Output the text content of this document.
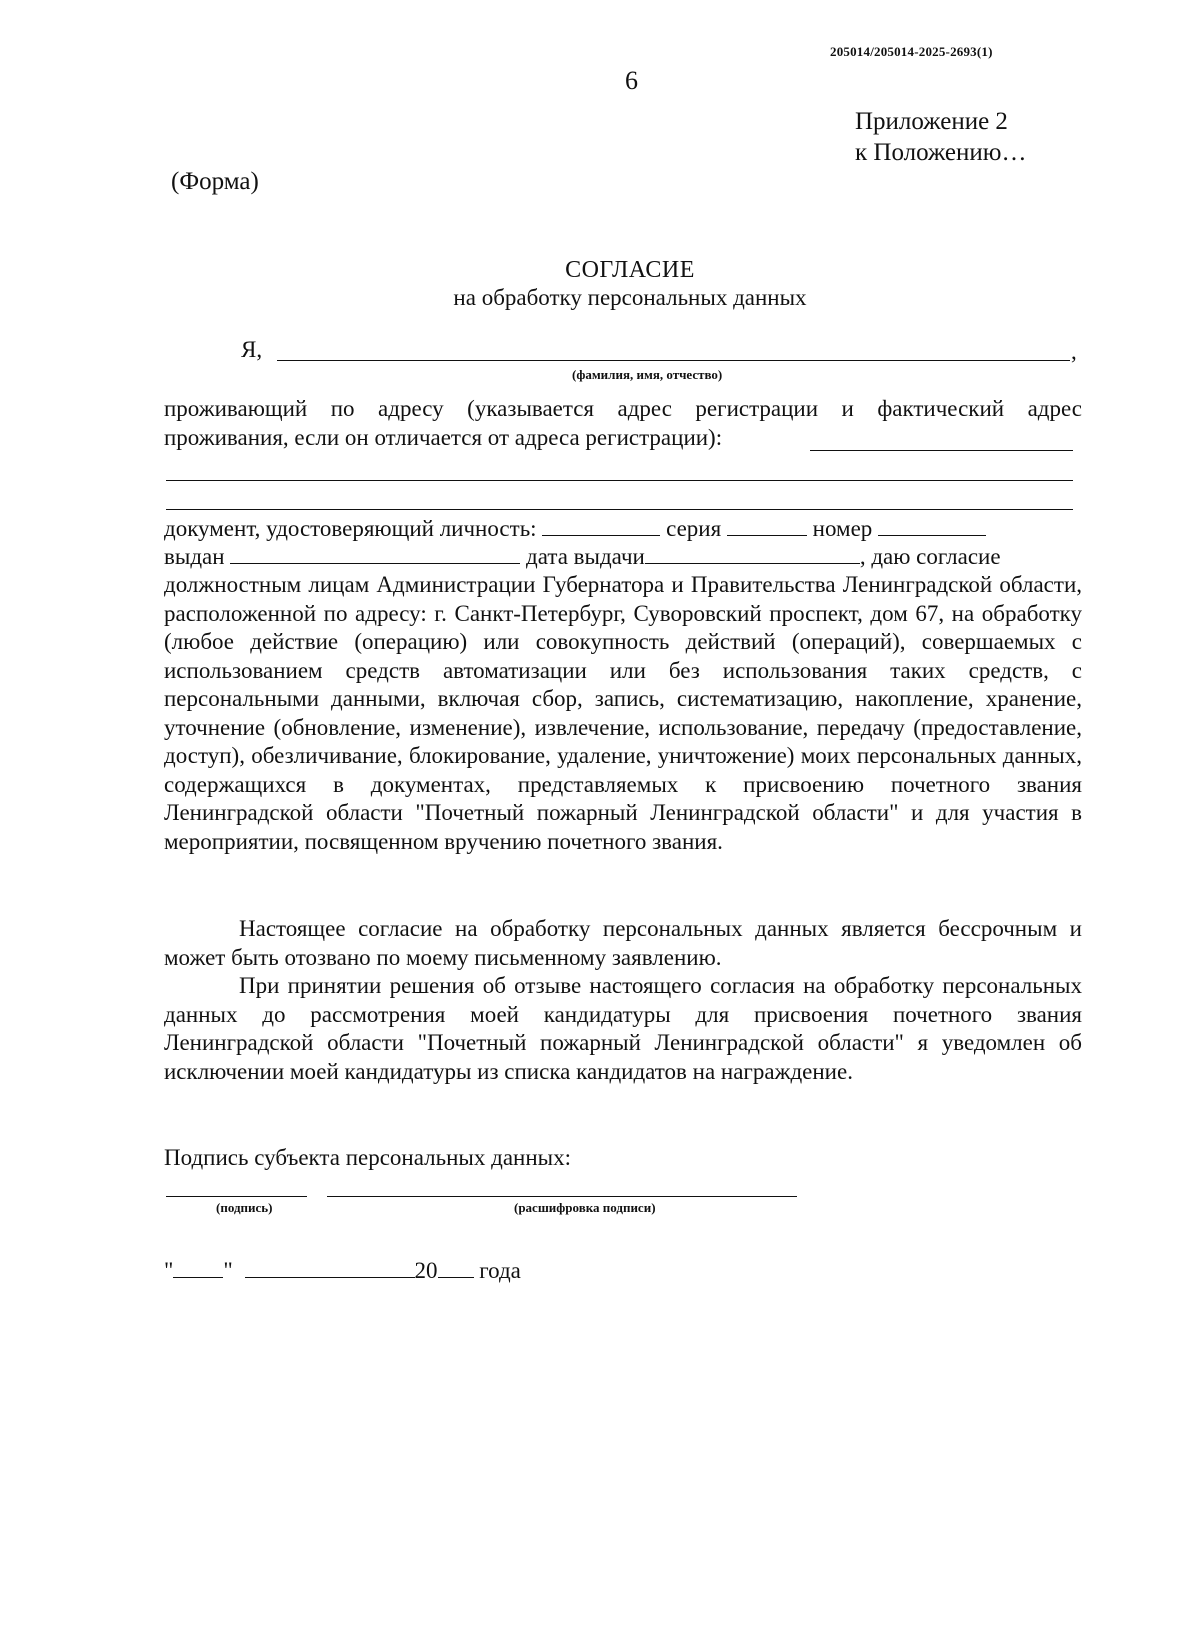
205014/205014-2025-2693(1)
6
Приложение 2
к Положению…
(Форма)
СОГЛАСИЕ
на обработку персональных данных
Я,	,
(фамилия, имя, отчество)
проживающий по адресу (указывается адрес регистрации и фактический адрес
проживания, если он отличается от адреса регистрации):
документ, удостоверяющий личность:	серия	номер
выдан	дата выдачи	, даю согласие
должностным лицам Администрации Губернатора и Правительства Ленинградской области, расположенной по адресу: г. Санкт-Петербург, Суворовский проспект, дом 67, на обработку (любое действие (операцию) или совокупность действий (операций), совершаемых с использованием средств автоматизации или без использования таких средств, с персональными данными, включая сбор, запись, систематизацию, накопление, хранение, уточнение (обновление, изменение), извлечение, использование, передачу (предоставление, доступ), обезличивание, блокирование, удаление, уничтожение) моих персональных данных, содержащихся в документах, представляемых к присвоению почетного звания Ленинградской области "Почетный пожарный Ленинградской области" и для участия в мероприятии, посвященном вручению почетного звания.
Настоящее согласие на обработку персональных данных является бессрочным и может быть отозвано по моему письменному заявлению.
При принятии решения об отзыве настоящего согласия на обработку персональных данных до рассмотрения моей кандидатуры для присвоения почетного звания Ленинградской области "Почетный пожарный Ленинградской области" я уведомлен об исключении моей кандидатуры из списка кандидатов на награждение.
Подпись субъекта персональных данных:
(подпись)	(расшифровка подписи)
" "	20 года
